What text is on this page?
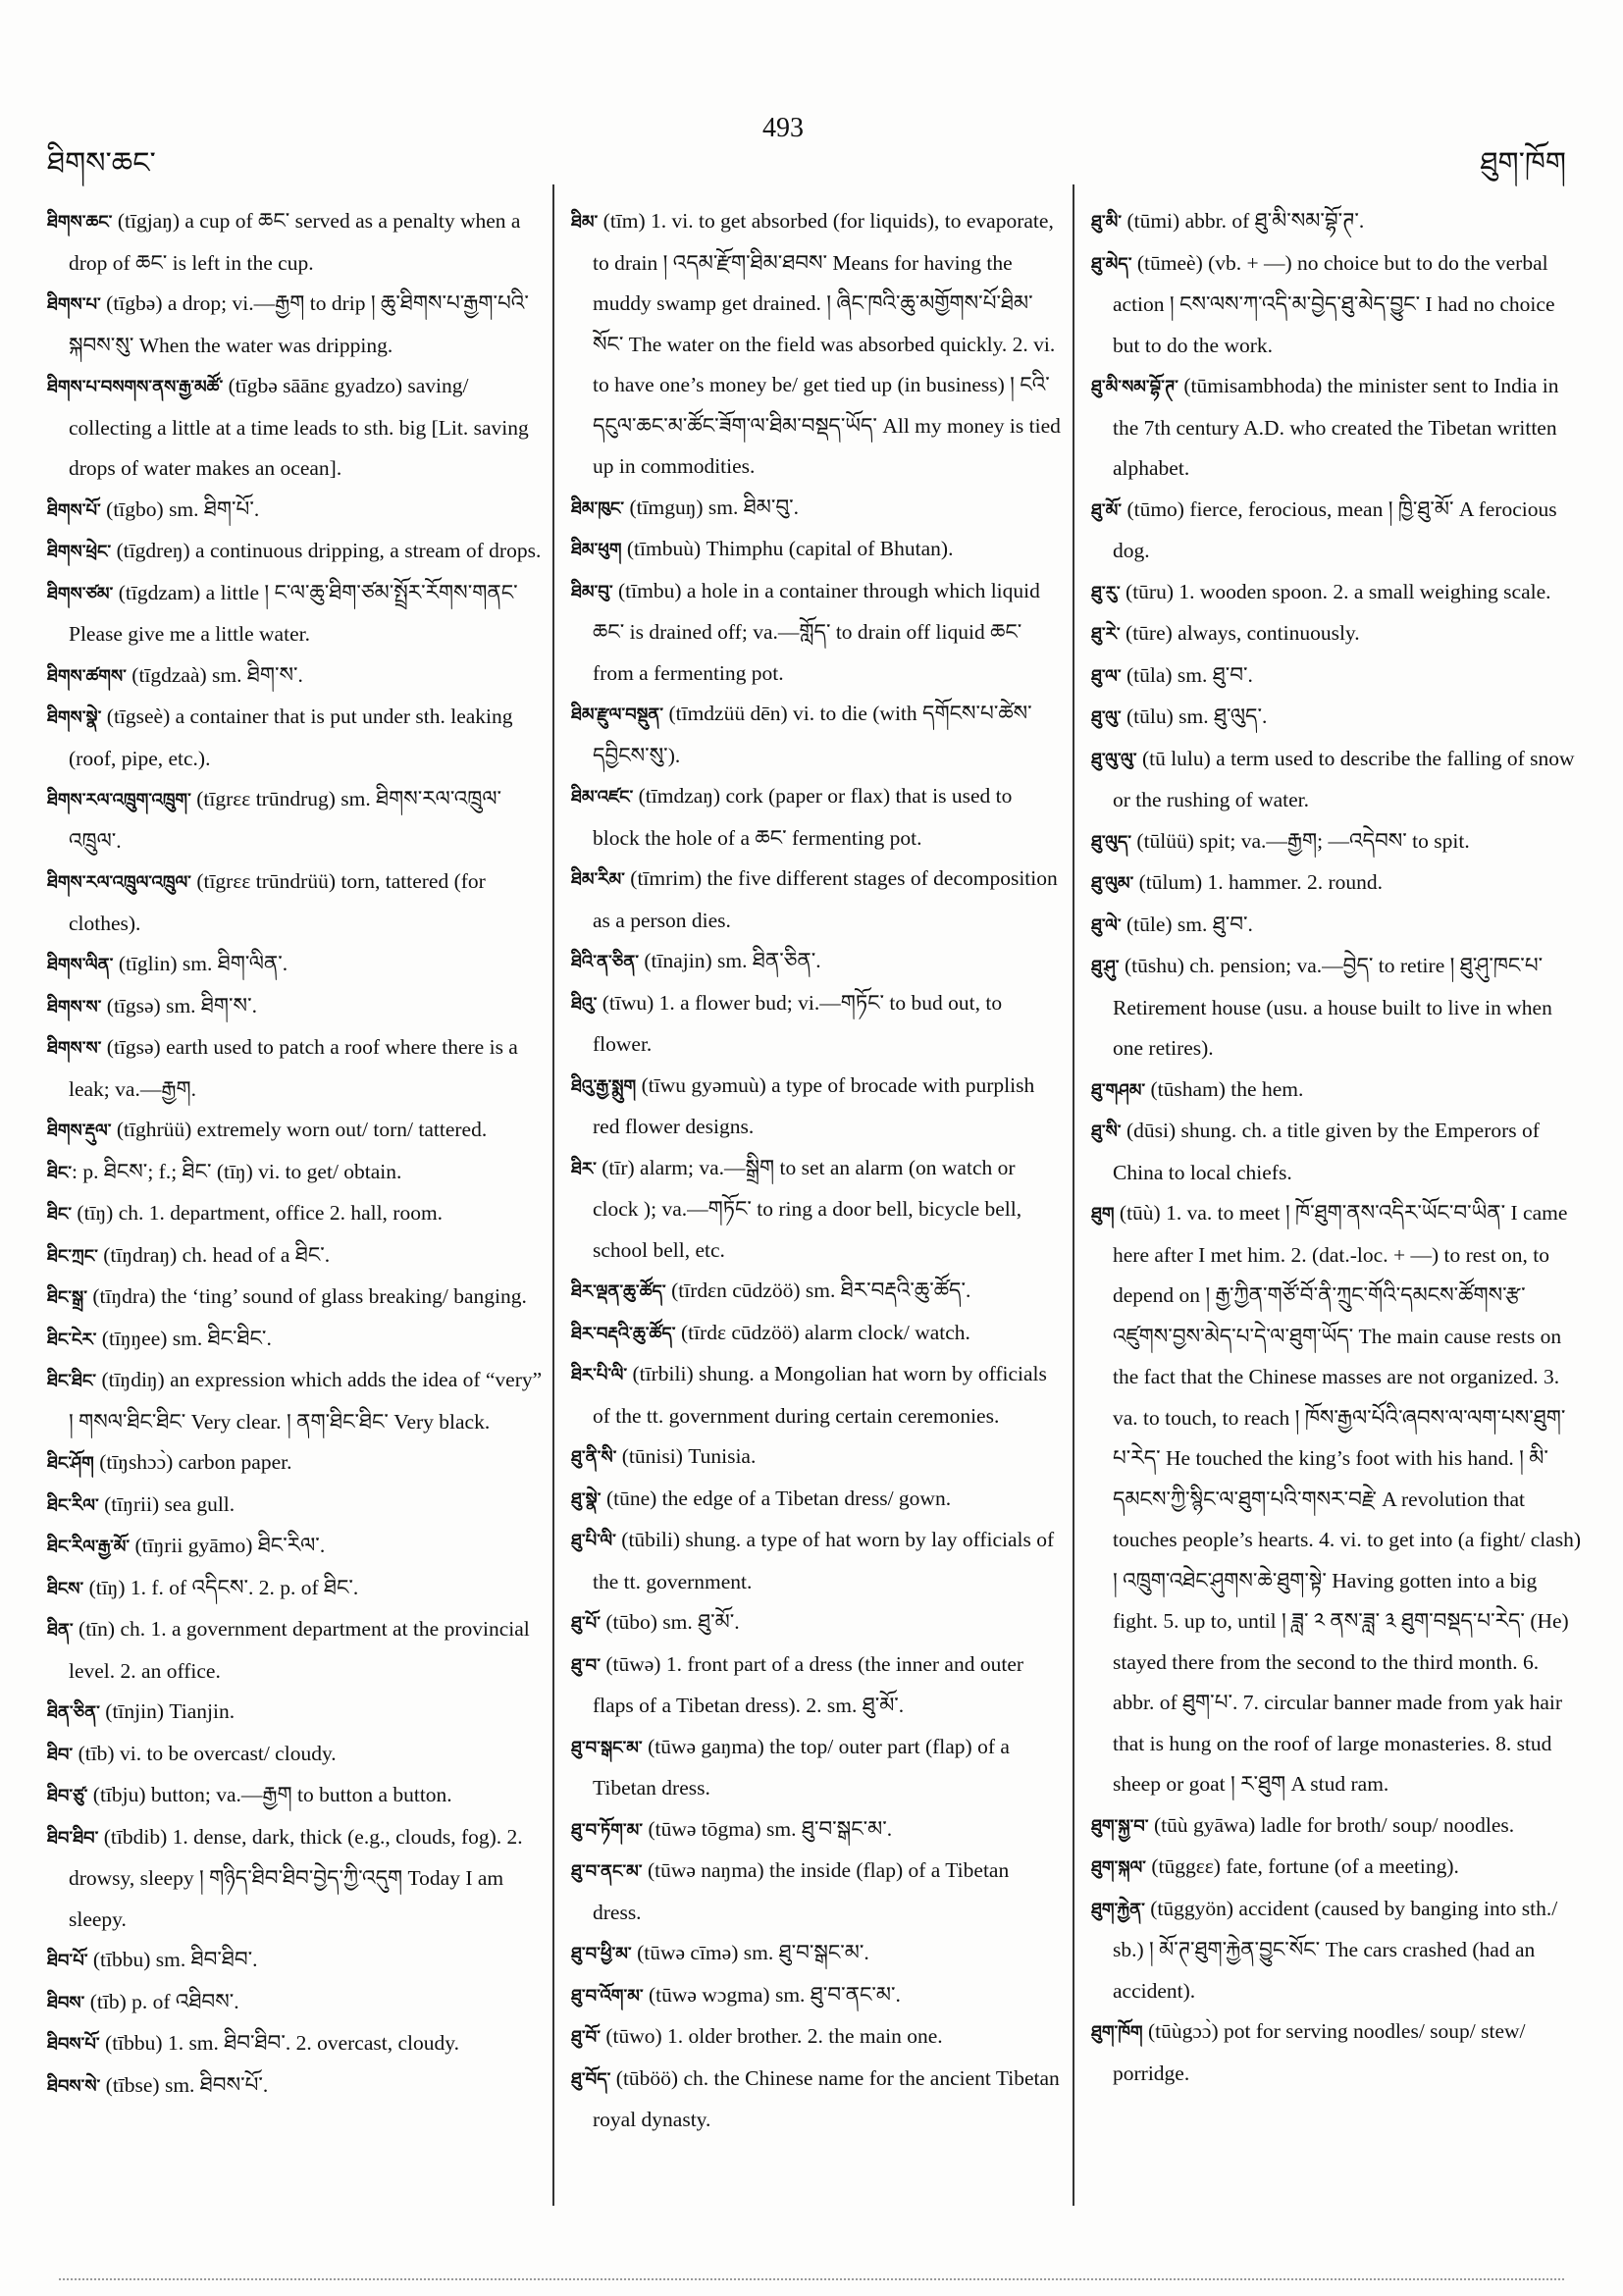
ཐིགས་ཆང་
493
ཐུག་ཁོག

ཐིགས་ཆང་ (tīgjaŋ) a cup of ཆང་ served as a penalty when a drop of ཆང་ is left in the cup.

ཐིགས་པ་ (tīgbə) a drop; vi.—རྒྱག to drip ། ཆུ་ཐིགས་པ་རྒྱག་པའི་སྐབས་སུ་ When the water was dripping.

ཐིགས་པ་བསགས་ནས་རྒྱ་མཚོ་ (tīgbə sāānɛ gyadzo) saving/ collecting a little at a time leads to sth. big [Lit. saving drops of water makes an ocean].

ཐིགས་པོ་ (tīgbo) sm. ཐིག་པོ་.

ཐིགས་ཕྲེང་ (tīgdreŋ) a continuous dripping, a stream of drops.

ཐིགས་ཙམ་ (tīgdzam) a little ། ང་ལ་ཆུ་ཐིག་ཙམ་སྤྲོར་རོགས་གནང་ Please give me a little water.

ཐིགས་ཚགས་ (tīgdzaà) sm. ཐིག་ས་.

ཐིགས་སྣེ་ (tīgseè) a container that is put under sth. leaking (roof, pipe, etc.).

ཐིགས་རལ་འཁྲུག་འཁྲུག་ (tīgrɛɛ trūndrug) sm. ཐིགས་རལ་འཁྲུལ་འཁྲུལ་.

ཐིགས་རལ་འཁྲུལ་འཁྲུལ་ (tīgrɛɛ trūndrüü) torn, tattered (for clothes).

ཐིགས་ལིན་ (tīglin) sm. ཐིག་ལིན་.

ཐིགས་ས་ (tīgsə) sm. ཐིག་ས་.

ཐིགས་ས་ (tīgsə) earth used to patch a roof where there is a leak; va.—རྒྱག.

ཐིགས་རྡུལ་ (tīghrüü) extremely worn out/ torn/ tattered.

ཐིང་: p. ཐིངས་; f.; ཐིང་ (tīŋ) vi. to get/ obtain.

ཐིང་ (tīŋ) ch. 1. department, office 2. hall, room.

ཐིང་ཀྲང་ (tīŋdraŋ) ch. head of a ཐིང་.

ཐིང་སྒྲ་ (tīŋdra) the ‘ting’ sound of glass breaking/ banging.

ཐིང་ངེར་ (tīŋŋee) sm. ཐིང་ཐིང་.

ཐིང་ཐིང་ (tīŋdiŋ) an expression which adds the idea of “very” ། གསལ་ཐིང་ཐིང་ Very clear. ། ནག་ཐིང་ཐིང་ Very black.

ཐིང་ཤོག (tīŋshɔɔ̀) carbon paper.

ཐིང་རིལ་ (tīŋrii) sea gull.

ཐིང་རིལ་རྒྱ་མོ་ (tīŋrii gyāmo) ཐིང་རིལ་.

ཐིངས་ (tīŋ) 1. f. of འདིངས་. 2. p. of ཐིང་.

ཐིན་ (tīn) ch. 1. a government department at the provincial level. 2. an office.

ཐིན་ཅིན་ (tīnjin) Tianjin.

ཐིབ་ (tīb) vi. to be overcast/ cloudy.

ཐིབ་ཙུ་ (tībju) button; va.—རྒྱག to button a button.

ཐིབ་ཐིབ་ (tībdib) 1. dense, dark, thick (e.g., clouds, fog). 2. drowsy, sleepy ། གཉིད་ཐིབ་ཐིབ་བྱེད་ཀྱི་འདུག Today I am sleepy.

ཐིབ་པོ་ (tībbu) sm. ཐིབ་ཐིབ་.

ཐིབས་ (tīb) p. of འཐིབས་.

ཐིབས་པོ་ (tībbu) 1. sm. ཐིབ་ཐིབ་. 2. overcast, cloudy.

ཐིབས་སེ་ (tībse) sm. ཐིབས་པོ་.

ཐིམ་ (tīm) 1. vi. to get absorbed (for liquids), to evaporate, to drain ། འདམ་རྫོག་ཐིམ་ཐབས་ Means for having the muddy swamp get drained. ། ཞིང་ཁའི་ཆུ་མགྱོགས་པོ་ཐིམ་སོང་ The water on the field was absorbed quickly. 2. vi. to have one’s money be/ get tied up (in business) ། ངའི་དངུལ་ཆང་མ་ཚོང་ཟོག་ལ་ཐིམ་བསྡད་ཡོད་ All my money is tied up in commodities.

ཐིམ་ཁུང་ (tīmguŋ) sm. ཐིམ་བུ་.

ཐིམ་ཕུག (tīmbuù) Thimphu (capital of Bhutan).

ཐིམ་བུ་ (tīmbu) a hole in a container through which liquid ཆང་ is drained off; va.—གློད་ to drain off liquid ཆང་ from a fermenting pot.

ཐིམ་རྫུལ་བསྡུན་ (tīmdzüü dēn) vi. to die (with དགོངས་པ་ཚེས་དབྱིངས་སུ་).

ཐིམ་འཛང་ (tīmdzaŋ) cork (paper or flax) that is used to block the hole of a ཆང་ fermenting pot.

ཐིམ་རིམ་ (tīmrim) the five different stages of decomposition as a person dies.

ཐིའི་ན་ཅིན་ (tīnajin) sm. ཐིན་ཅིན་.

ཐིའུ་ (tīwu) 1. a flower bud; vi.—གཏོང་ to bud out, to flower.

ཐིའུ་རྒྱ་སྨུག (tīwu gyəmuù) a type of brocade with purplish red flower designs.

ཐིར་ (tīr) alarm; va.—སྒྲིག to set an alarm (on watch or clock ); va.—གཏོང་ to ring a door bell, bicycle bell, school bell, etc.

ཐིར་ལྡན་ཆུ་ཚོད་ (tīrdɛn cūdzöö) sm. ཐིར་བརྡའི་ཆུ་ཚོད་.

ཐིར་བརྡའི་ཆུ་ཚོད་ (tīrdɛ cūdzöö) alarm clock/ watch.

ཐིར་པི་ལི་ (tīrbili) shung. a Mongolian hat worn by officials of the tt. government during certain ceremonies.

ཐུ་ནི་སི་ (tūnisi) Tunisia.

ཐུ་སྣེ་ (tūne) the edge of a Tibetan dress/ gown.

ཐུ་པི་ལི་ (tūbili) shung. a type of hat worn by lay officials of the tt. government.

ཐུ་པོ་ (tūbo) sm. ཐུ་མོ་.

ཐུ་བ་ (tūwə) 1. front part of a dress (the inner and outer flaps of a Tibetan dress). 2. sm. ཐུ་མོ་.

ཐུ་བ་སྒང་མ་ (tūwə gaŋma) the top/ outer part (flap) of a Tibetan dress.

ཐུ་བ་ཏོག་མ་ (tūwə tōgma) sm. ཐུ་བ་སྒང་མ་.

ཐུ་བ་ནང་མ་ (tūwə naŋma) the inside (flap) of a Tibetan dress.

ཐུ་བ་ཕྱི་མ་ (tūwə cīmə) sm. ཐུ་བ་སྒང་མ་.

ཐུ་བ་འོག་མ་ (tūwə wɔgma) sm. ཐུ་བ་ནང་མ་.

ཐུ་བོ་ (tūwo) 1. older brother. 2. the main one.

ཐུ་བོད་ (tūböö) ch. the Chinese name for the ancient Tibetan royal dynasty.

ཐུ་མི་ (tūmi) abbr. of ཐུ་མི་སམ་བྷོ་ཊ་.

ཐུ་མེད་ (tūmeè) (vb. + —) no choice but to do the verbal action ། ངས་ལས་ཀ་འདི་མ་བྱེད་ཐུ་མེད་བྱུང་ I had no choice but to do the work.

ཐུ་མི་སམ་བྷོ་ཊ་ (tūmisambhoda) the minister sent to India in the 7th century A.D. who created the Tibetan written alphabet.

ཐུ་མོ་ (tūmo) fierce, ferocious, mean ། ཁྱི་ཐུ་མོ་ A ferocious dog.

ཐུ་རུ་ (tūru) 1. wooden spoon. 2. a small weighing scale.

ཐུ་རེ་ (tūre) always, continuously.

ཐུ་ལ་ (tūla) sm. ཐུ་བ་.

ཐུ་ལུ་ (tūlu) sm. ཐུ་ལུད་.

ཐུ་ལུ་ལུ་ (tū lulu) a term used to describe the falling of snow or the rushing of water.

ཐུ་ལུད་ (tūlüü) spit; va.—རྒྱག; —འདེབས་ to spit.

ཐུ་ལུམ་ (tūlum) 1. hammer. 2. round.

ཐུ་ལེ་ (tūle) sm. ཐུ་བ་.

ཐུ་ཤུ་ (tūshu) ch. pension; va.—བྱེད་ to retire ། ཐུ་ཤུ་ཁང་པ་ Retirement house (usu. a house built to live in when one retires).

ཐུ་གཤམ་ (tūsham) the hem.

ཐུ་སི་ (dūsi) shung. ch. a title given by the Emperors of China to local chiefs.

ཐུག (tūù) 1. va. to meet ། ཁོ་ཐུག་ནས་འདིར་ཡོང་བ་ཡིན་ I came here after I met him. 2. (dat.-loc. + —) to rest on, to depend on ། རྒྱ་ཀྱིན་གཙོ་བོ་ནི་ཀྲུང་གོའི་དམངས་ཚོགས་རྩ་འཛུགས་བྱས་མེད་པ་དེ་ལ་ཐུག་ཡོད་ The main cause rests on the fact that the Chinese masses are not organized. 3. va. to touch, to reach ། ཁོས་རྒྱལ་པོའི་ཞབས་ལ་ལག་པས་ཐུག་པ་རེད་ He touched the king’s foot with his hand. ། མི་དམངས་ཀྱི་སྙིང་ལ་ཐུག་པའི་གསར་བརྗེ་ A revolution that touches people’s hearts. 4. vi. to get into (a fight/ clash) ། འཁྲུག་འཐེང་ཤུགས་ཆེ་ཐུག་སྟེ་ Having gotten into a big fight. 5. up to, until ། ཟླ་ ༢ ནས་ཟླ་ ༣ ཐུག་བསྡད་པ་རེད་ (He) stayed there from the second to the third month. 6. abbr. of ཐུག་པ་. 7. circular banner made from yak hair that is hung on the roof of large monasteries. 8. stud sheep or goat ། ར་ཐུག A stud ram.

ཐུག་སྐྱ་བ་ (tūù gyāwa) ladle for broth/ soup/ noodles.

ཐུག་སྐལ་ (tūggɛɛ) fate, fortune (of a meeting).

ཐུག་རྐྱེན་ (tūggyön) accident (caused by banging into sth./ sb.) ། མོ་ཊ་ཐུག་རྐྱེན་བྱུང་སོང་ The cars crashed (had an accident).

ཐུག་ཁོག (tūùgɔɔ̀) pot for serving noodles/ soup/ stew/ porridge.
